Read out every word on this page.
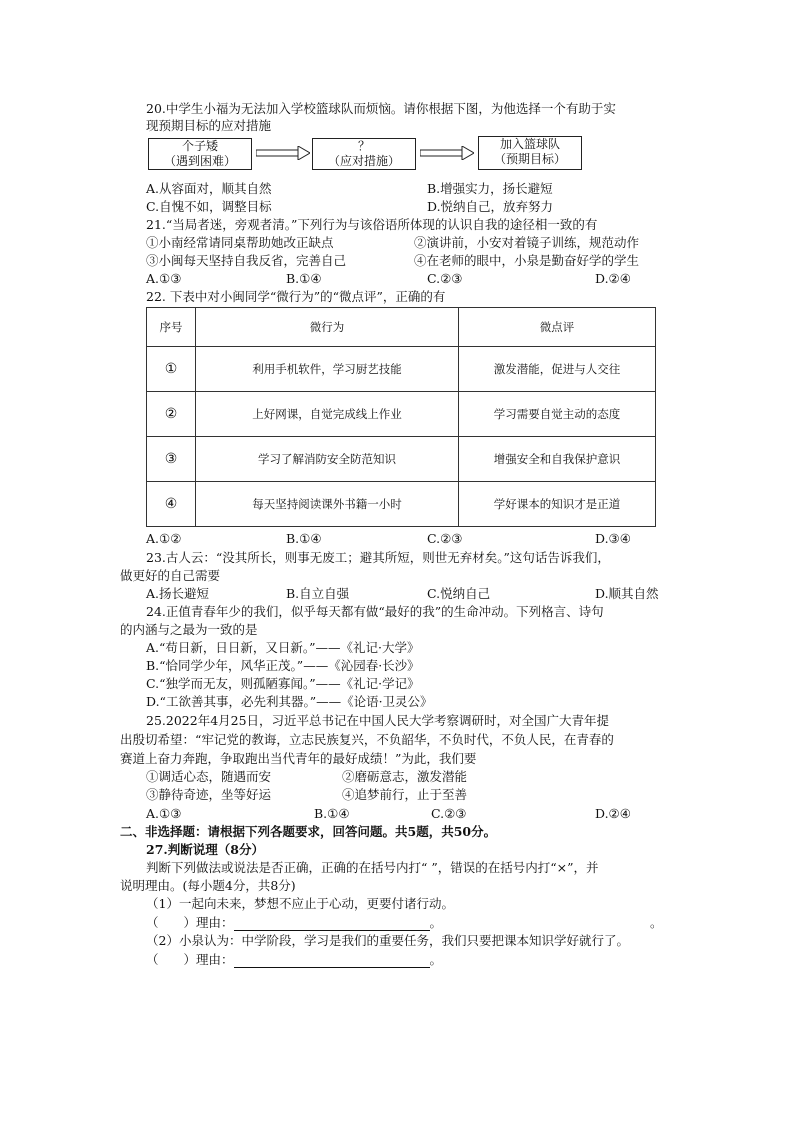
20.中学生小福为无法加入学校篮球队而烦恼。请你根据下图，为他选择一个有助于实
现预期目标的应对措施
个子矮
（遇到困难）
？
（应对措施）
加入篮球队
（预期目标）
A.从容面对，顺其自然	B.增强实力，扬长避短
C.自愧不如，调整目标	D.悦纳自己，放弃努力
21.“当局者迷，旁观者清。”下列行为与该俗语所体现的认识自我的途径相一致的有
①小南经常请同桌帮助她改正缺点	②演讲前，小安对着镜子训练，规范动作
③小闽每天坚持自我反省，完善自己	④在老师的眼中，小泉是勤奋好学的学生
A.①③	B.①④	C.②③	D.②④
22. 下表中对小闽同学“微行为”的“微点评”，正确的有
序号	微行为	微点评
①	利用手机软件，学习厨艺技能	激发潜能，促进与人交往
②	上好网课，自觉完成线上作业	学习需要自觉主动的态度
③	学习了解消防安全防范知识	增强安全和自我保护意识
④	每天坚持阅读课外书籍一小时	学好课本的知识才是正道
A.①②	B.①④	C.②③	D.③④
23.古人云：“没其所长，则事无废工；避其所短，则世无弃材矣。”这句话告诉我们，
做更好的自己需要
A.扬长避短	B.自立自强	C.悦纳自己	D.顺其自然
24.正值青春年少的我们，似乎每天都有做“最好的我”的生命冲动。下列格言、诗句
的内涵与之最为一致的是
A.“苟日新，日日新，又日新。”——《礼记·大学》
B.“恰同学少年，风华正茂。”——《沁园春·长沙》
C.“独学而无友，则孤陋寡闻。”——《礼记·学记》
D.“工欲善其事，必先利其器。”——《论语·卫灵公》
25.2022年4月25日，习近平总书记在中国人民大学考察调研时，对全国广大青年提
出殷切希望：“牢记党的教诲，立志民族复兴，不负韶华，不负时代，不负人民，在青春的
赛道上奋力奔跑，争取跑出当代青年的最好成绩！”为此，我们要
①调适心态，随遇而安	②磨砺意志，激发潜能
③静待奇迹，坐等好运	④追梦前行，止于至善
A.①③	B.①④	C.②③	D.②④
二、非选择题：请根据下列各题要求，回答问题。共5题，共50分。
27.判断说理（8分）
判断下列做法或说法是否正确，正确的在括号内打“ ”，错误的在括号内打“×”，并
说明理由。(每小题4分，共8分)
（1）一起向未来，梦想不应止于心动，更要付诸行动。
（　　）理由：	。	。
（2）小泉认为：中学阶段，学习是我们的重要任务，我们只要把课本知识学好就行了。
（　　）理由：	。
